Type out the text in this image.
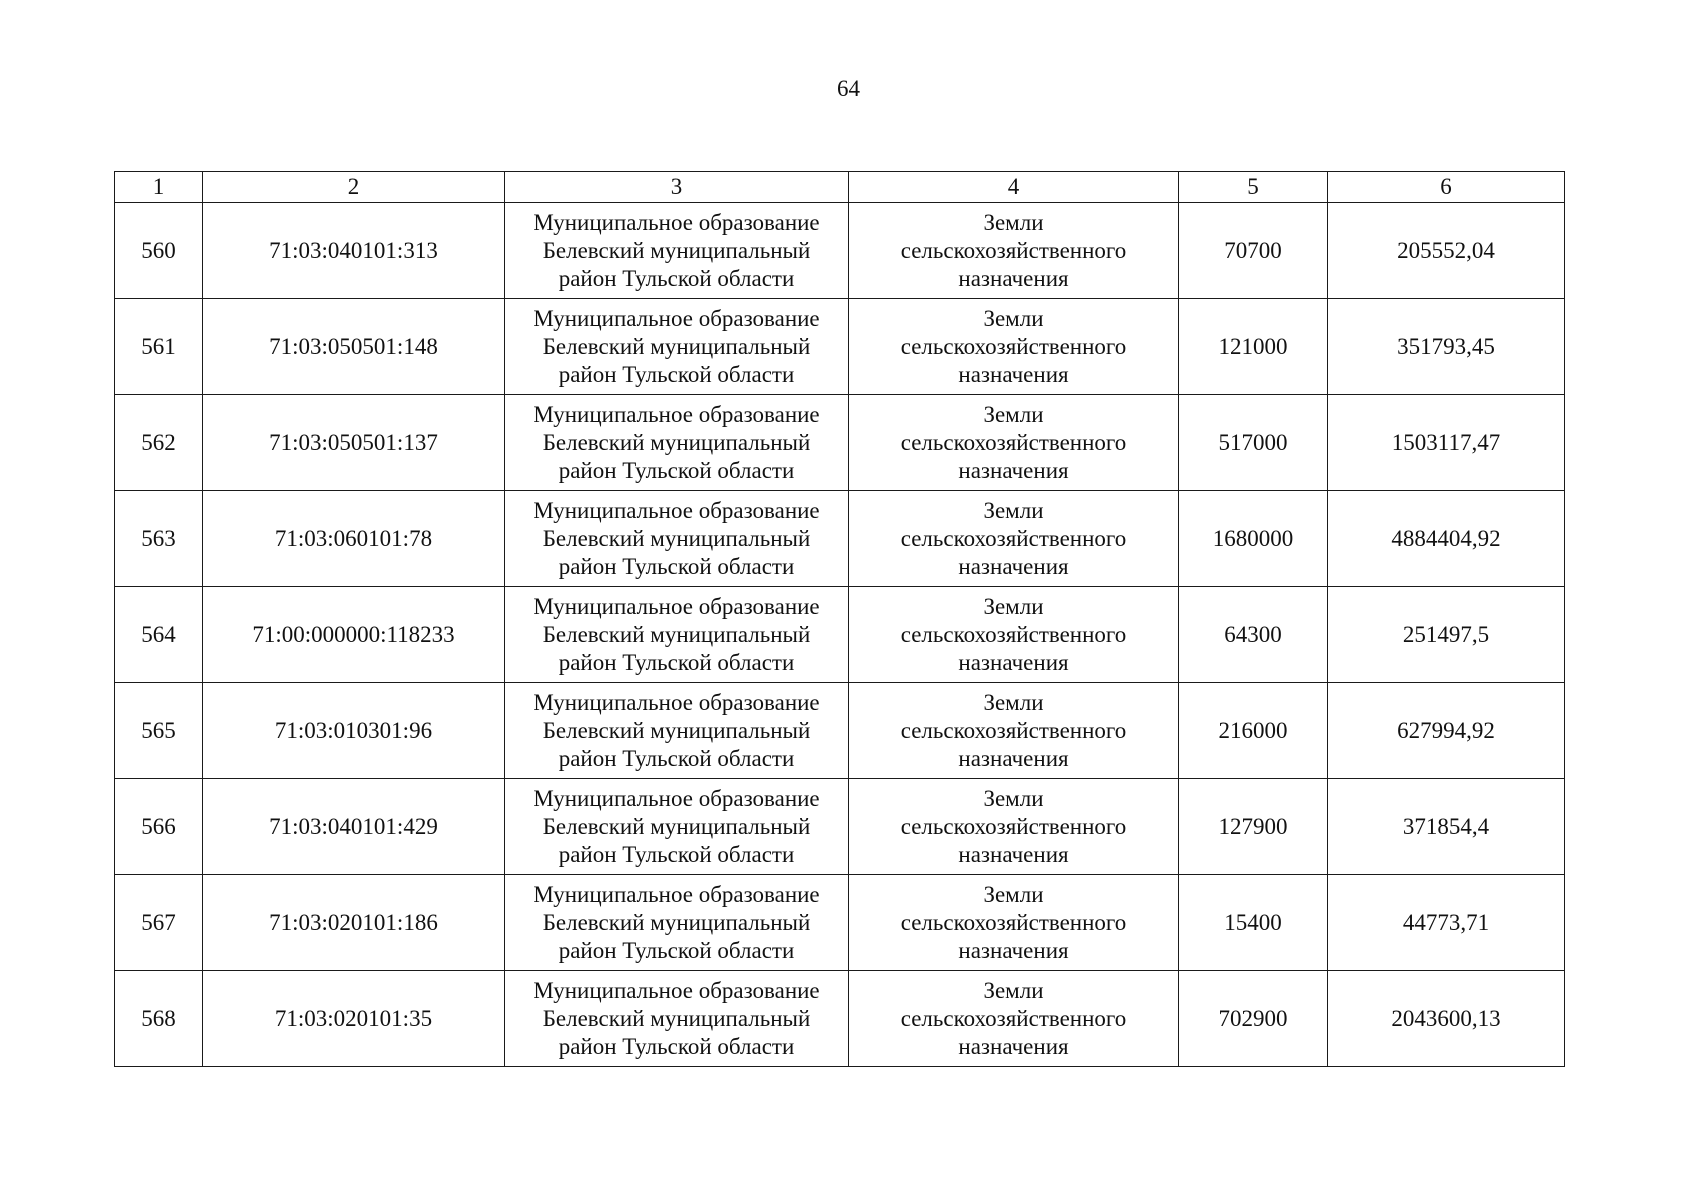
64
1	2	3	4	5	6
560	71:03:040101:313	Муниципальное образование
Белевский муниципальный
район Тульской области	Земли
сельскохозяйственного
назначения	70700	205552,04
561	71:03:050501:148	Муниципальное образование
Белевский муниципальный
район Тульской области	Земли
сельскохозяйственного
назначения	121000	351793,45
562	71:03:050501:137	Муниципальное образование
Белевский муниципальный
район Тульской области	Земли
сельскохозяйственного
назначения	517000	1503117,47
563	71:03:060101:78	Муниципальное образование
Белевский муниципальный
район Тульской области	Земли
сельскохозяйственного
назначения	1680000	4884404,92
564	71:00:000000:118233	Муниципальное образование
Белевский муниципальный
район Тульской области	Земли
сельскохозяйственного
назначения	64300	251497,5
565	71:03:010301:96	Муниципальное образование
Белевский муниципальный
район Тульской области	Земли
сельскохозяйственного
назначения	216000	627994,92
566	71:03:040101:429	Муниципальное образование
Белевский муниципальный
район Тульской области	Земли
сельскохозяйственного
назначения	127900	371854,4
567	71:03:020101:186	Муниципальное образование
Белевский муниципальный
район Тульской области	Земли
сельскохозяйственного
назначения	15400	44773,71
568	71:03:020101:35	Муниципальное образование
Белевский муниципальный
район Тульской области	Земли
сельскохозяйственного
назначения	702900	2043600,13
